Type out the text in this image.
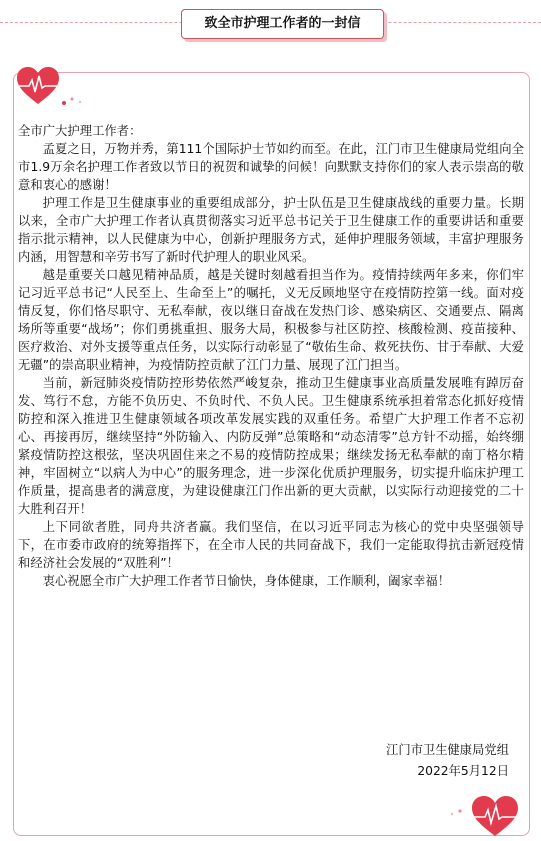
致全市护理工作者的一封信

全市广大护理工作者：

孟夏之日，万物并秀，第111个国际护士节如约而至。在此，江门市卫生健康局党组向全市1.9万余名护理工作者致以节日的祝贺和诚挚的问候！向默默支持你们的家人表示崇高的敬意和衷心的感谢！

护理工作是卫生健康事业的重要组成部分，护士队伍是卫生健康战线的重要力量。长期以来，全市广大护理工作者认真贯彻落实习近平总书记关于卫生健康工作的重要讲话和重要指示批示精神，以人民健康为中心，创新护理服务方式，延伸护理服务领域，丰富护理服务内涵，用智慧和辛劳书写了新时代护理人的职业风采。

越是重要关口越见精神品质，越是关键时刻越看担当作为。疫情持续两年多来，你们牢记习近平总书记“人民至上、生命至上”的嘱托，义无反顾地坚守在疫情防控第一线。面对疫情反复，你们恪尽职守、无私奉献，夜以继日奋战在发热门诊、感染病区、交通要点、隔离场所等重要“战场”；你们勇挑重担、服务大局，积极参与社区防控、核酸检测、疫苗接种、医疗救治、对外支援等重点任务，以实际行动彰显了“敬佑生命、救死扶伤、甘于奉献、大爱无疆”的崇高职业精神，为疫情防控贡献了江门力量、展现了江门担当。

当前，新冠肺炎疫情防控形势依然严峻复杂，推动卫生健康事业高质量发展唯有踔厉奋发、笃行不怠，方能不负历史、不负时代、不负人民。卫生健康系统承担着常态化抓好疫情防控和深入推进卫生健康领域各项改革发展实践的双重任务。希望广大护理工作者不忘初心、再接再厉，继续坚持“外防输入、内防反弹”总策略和“动态清零”总方针不动摇，始终绷紧疫情防控这根弦，坚决巩固住来之不易的疫情防控成果；继续发扬无私奉献的南丁格尔精神，牢固树立“以病人为中心”的服务理念，进一步深化优质护理服务，切实提升临床护理工作质量，提高患者的满意度，为建设健康江门作出新的更大贡献，以实际行动迎接党的二十大胜利召开！

上下同欲者胜，同舟共济者赢。我们坚信，在以习近平同志为核心的党中央坚强领导下，在市委市政府的统筹指挥下，在全市人民的共同奋战下，我们一定能取得抗击新冠疫情和经济社会发展的“双胜利”！

衷心祝愿全市广大护理工作者节日愉快，身体健康，工作顺利，阖家幸福！

江门市卫生健康局党组
2022年5月12日
